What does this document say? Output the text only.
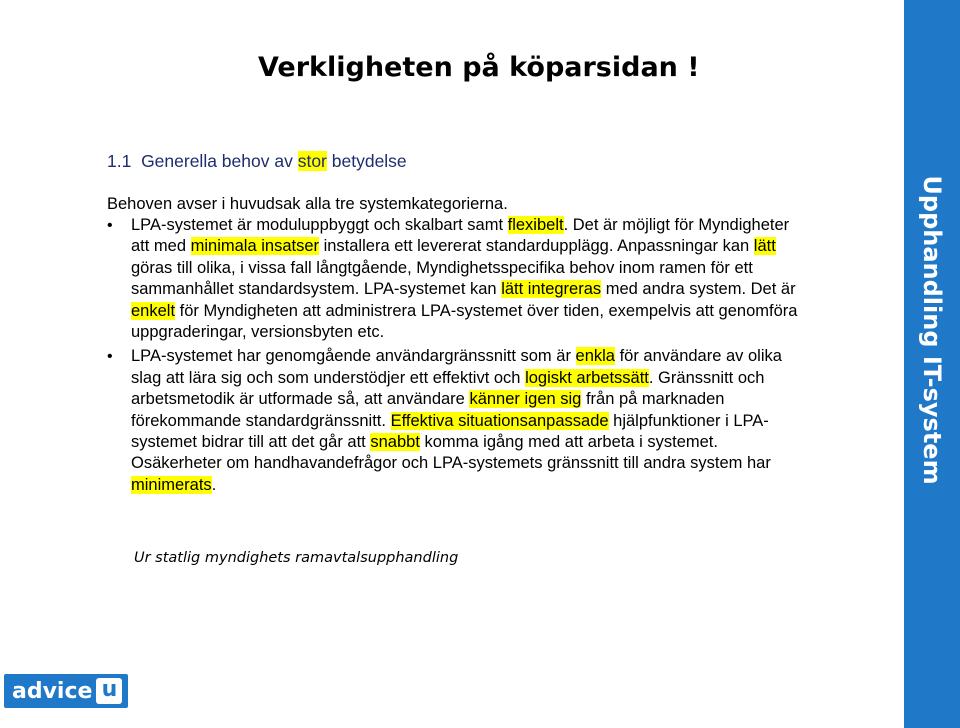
Verkligheten på köparsidan !
1.1 Generella behov av stor betydelse
Behoven avser i huvudsak alla tre systemkategorierna.
• LPA-systemet är moduluppbyggt och skalbart samt flexibelt. Det är möjligt för Myndigheter att med minimala insatser installera ett levererat standardupplägg. Anpassningar kan lätt göras till olika, i vissa fall långtgående, Myndighetsspecifika behov inom ramen för ett sammanhållet standardsystem. LPA-systemet kan lätt integreras med andra system. Det är enkelt för Myndigheten att administrera LPA-systemet över tiden, exempelvis att genomföra uppgraderingar, versionsbyten etc.
• LPA-systemet har genomgående användargränssnitt som är enkla för användare av olika slag att lära sig och som understödjer ett effektivt och logiskt arbetssätt. Gränssnitt och arbetsmetodik är utformade så, att användare känner igen sig från på marknaden förekommande standardgränssnitt. Effektiva situationsanpassade hjälpfunktioner i LPA-systemet bidrar till att det går att snabbt komma igång med att arbeta i systemet. Osäkerheter om handhavandefrågor och LPA-systemets gränssnitt till andra system har minimerats.
Ur statlig myndighets ramavtalsupphandling
Upphandling IT-system
advice u
